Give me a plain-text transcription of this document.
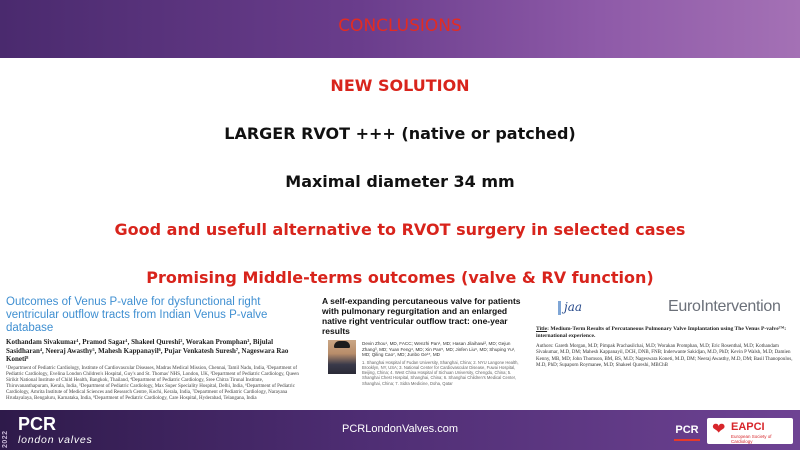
CONCLUSIONS
NEW SOLUTION
LARGER RVOT +++ (native or patched)
Maximal diameter 34 mm
Good and usefull alternative to RVOT surgery in selected cases
Promising Middle-terms outcomes (valve & RV function)
Outcomes of Venus P-valve for dysfunctional right ventricular outflow tracts from Indian Venus P-valve database
Kothandam Sivakumar¹, Pramod Sagar¹, Shakeel Qureshi², Worakan Promphan³, Bijulal Sasidharan⁴, Neeraj Awasthy⁵, Mahesh Kappanayil⁶, Pujar Venkatesh Suresh⁷, Nageswara Rao Koneti⁸
¹Department of Pediatric Cardiology, Institute of Cardiovascular Diseases, Madras Medical Mission, Chennai, Tamil Nadu, India, ²Department of Pediatric Cardiology, Evelina London Children's Hospital, Guy's and St. Thomas' NHS, London, UK, ³Department of Pediatric Cardiology, Queen Sirikit National Institute of Child Health, Bangkok, Thailand, ⁴Department of Pediatric Cardiology, Sree Chitra Tirunal Institute, Thiruvananthapuram, Kerala, India, ⁵Department of Pediatric Cardiology, Max Super Speciality Hospital, Delhi, India, ⁶Department of Pediatric Cardiology, Amrita Institute of Medical Sciences and Research Centre, Kochi, Kerala, India, ⁷Department of Pediatric Cardiology, Narayana Hrudayalaya, Bengaluru, Karnataka, India, ⁸Department of Pediatric Cardiology, Care Hospital, Hyderabad, Telangana, India
A self-expanding percutaneous valve for patients with pulmonary regurgitation and an enlarged native right ventricular outflow tract: one-year results
Devin Zhou¹, MD, FACC; Wenzhi Pan¹, MD; Hasan Jilaihawi², MD; Gejun Zhang³, MD; Yuan Feng⁴, MD; Xin Pan⁵, MD; Jinfen Liu⁶, MD; Shuping Yu¹, MD; Qiling Cao⁷, MD; Junbo Ge¹*, MD
1. Shanghai Hospital of Fudan University, Shanghai, China; 2. NYU Langone Health, Brooklyn, NY, USA; 3. National Center for Cardiovascular Disease, Fuwai Hospital, Beijing, China; 4. West China Hospital of Sichuan University, Chengdu, China; 5. Shanghai Chest Hospital, Shanghai, China; 6. Shanghai Children's Medical Center, Shanghai, China; 7. Sidra Medicine, Doha, Qatar
jaa	EuroIntervention
Title: Medium-Term Results of Percutaneous Pulmonary Valve Implantation using The Venus P-valve™: international experience.
Authors: Gareth Morgan, M.D; Pimpak Prachasilchai, M.D; Worakan Promphan, M.D; Eric Rosenthal, M.D; Kothandam Sivakumar, M.D, DM; Mahesh Kappanayil, DCH, DNB, FNB; Inderwante Sakidjan, M.D, PhD; Kevin P Walsh, M.D; Damien Kenny, MB, MD; John Thomson, BM, BS, M.D; Nageswara Koneti, M.D, DM; Neeraj Awasthy, M.D, DM; Basil Thanopoulos, M.D, PhD; Supaporn Roymanee, M.D; Shakeel Qureshi, MBChB
2022
PCR
london valves
PCRLondonValves.com	PCR ❤ EAPCI
European Society of Cardiology
